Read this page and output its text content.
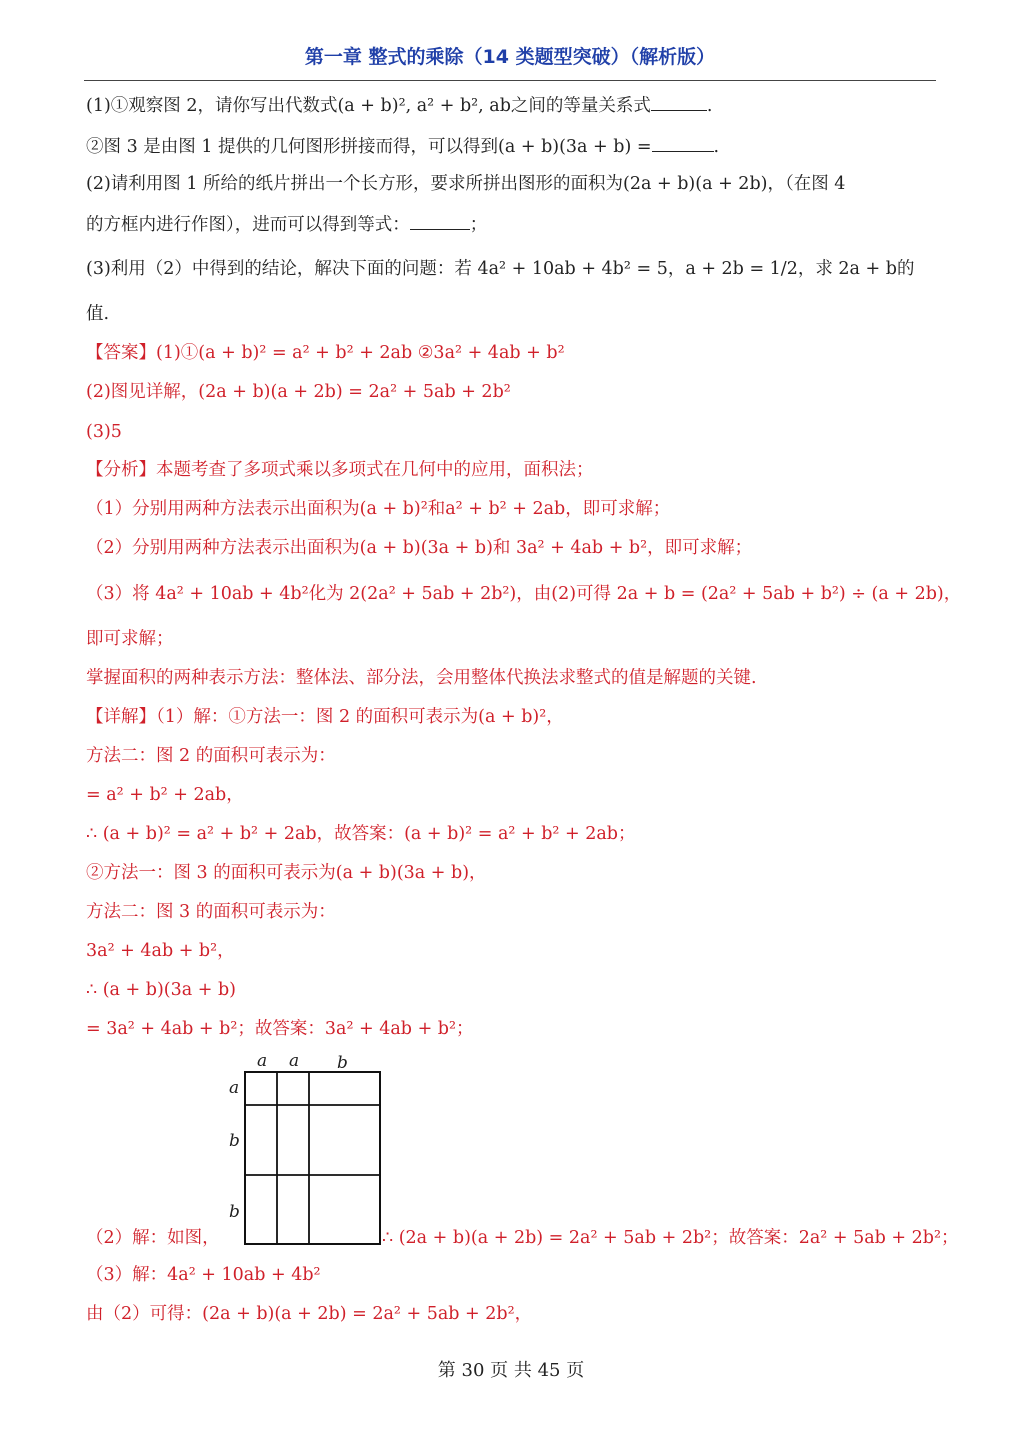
第一章 整式的乘除（14 类题型突破）（解析版）
(1)①观察图 2，请你写出代数式(a + b)², a² + b², ab之间的等量关系式	.
②图 3 是由图 1 提供的几何图形拼接而得，可以得到(a + b)(3a + b) =	.
(2)请利用图 1 所给的纸片拼出一个长方形，要求所拼出图形的面积为(2a + b)(a + 2b)，（在图 4
的方框内进行作图），进而可以得到等式：	；
(3)利用（2）中得到的结论，解决下面的问题：若 4a² + 10ab + 4b² = 5，a + 2b = 1/2，求 2a + b的
值.
【答案】(1)①(a + b)² = a² + b² + 2ab ②3a² + 4ab + b²
(2)图见详解，(2a + b)(a + 2b) = 2a² + 5ab + 2b²
(3)5
【分析】本题考查了多项式乘以多项式在几何中的应用，面积法；
（1）分别用两种方法表示出面积为(a + b)²和a² + b² + 2ab，即可求解；
（2）分别用两种方法表示出面积为(a + b)(3a + b)和 3a² + 4ab + b²，即可求解；
（3）将 4a² + 10ab + 4b²化为 2(2a² + 5ab + 2b²)，由(2)可得 2a + b = (2a² + 5ab + b²) ÷ (a + 2b)，
即可求解；
掌握面积的两种表示方法：整体法、部分法，会用整体代换法求整式的值是解题的关键.
【详解】（1）解：①方法一：图 2 的面积可表示为(a + b)²，
方法二：图 2 的面积可表示为：
= a² + b² + 2ab，
∴ (a + b)² = a² + b² + 2ab，故答案：(a + b)² = a² + b² + 2ab；
②方法一：图 3 的面积可表示为(a + b)(3a + b)，
方法二：图 3 的面积可表示为：
3a² + 4ab + b²，
∴ (a + b)(3a + b)
= 3a² + 4ab + b²；故答案：3a² + 4ab + b²；
a a b
a
b
b
（2）解：如图，	∴ (2a + b)(a + 2b) = 2a² + 5ab + 2b²；故答案：2a² + 5ab + 2b²；
（3）解：4a² + 10ab + 4b²
由（2）可得：(2a + b)(a + 2b) = 2a² + 5ab + 2b²，
第 30 页 共 45 页
